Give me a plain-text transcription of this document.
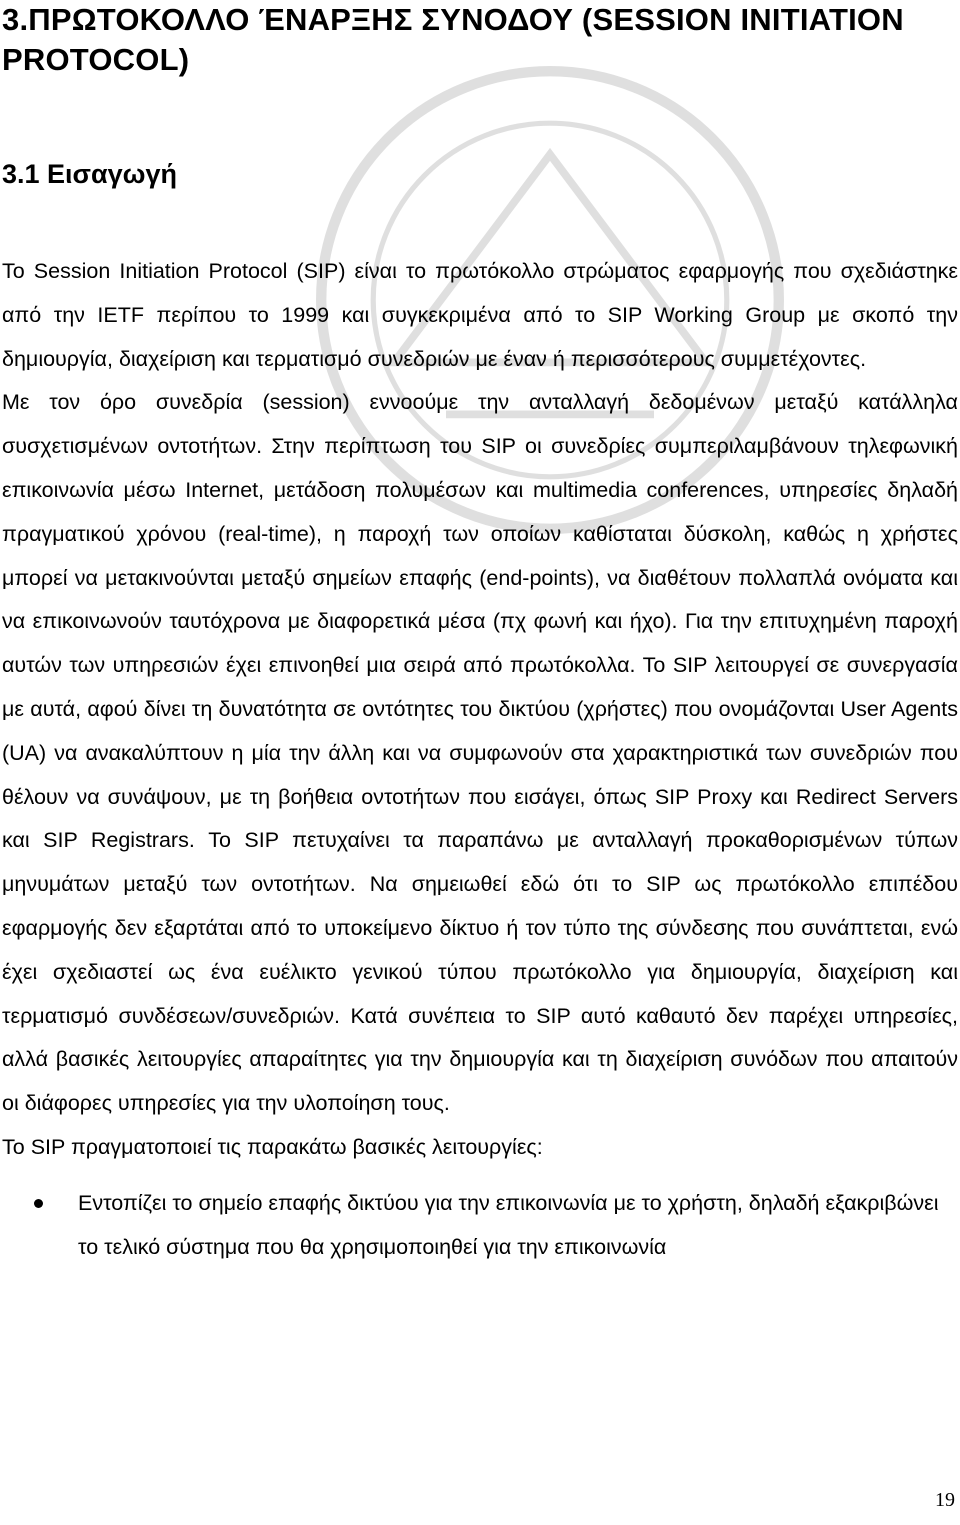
3.ΠΡΩΤΟΚΟΛΛΟ ΈΝΑΡΞΗΣ ΣΥΝΟΔΟΥ (SESSION INITIATION PROTOCOL)
3.1 Εισαγωγή

Το Session Initiation Protocol (SIP) είναι το πρωτόκολλο στρώματος εφαρμογής που σχεδιάστηκε από την IETF περίπου το 1999 και συγκεκριμένα από το SIP Working Group με σκοπό την δημιουργία, διαχείριση και τερματισμό συνεδριών με έναν ή περισσότερους συμμετέχοντες.

Με τον όρο συνεδρία (session) εννοούμε την ανταλλαγή δεδομένων μεταξύ κατάλληλα συσχετισμένων οντοτήτων. Στην περίπτωση του SIP οι συνεδρίες συμπεριλαμβάνουν τηλεφωνική επικοινωνία μέσω Internet, μετάδοση πολυμέσων και multimedia conferences, υπηρεσίες δηλαδή πραγματικού χρόνου (real-time), η παροχή των οποίων καθίσταται δύσκολη, καθώς η χρήστες μπορεί να μετακινούνται μεταξύ σημείων επαφής (end-points), να διαθέτουν πολλαπλά ονόματα και να επικοινωνούν ταυτόχρονα με διαφορετικά μέσα (πχ φωνή και ήχο). Για την επιτυχημένη παροχή αυτών των υπηρεσιών έχει επινοηθεί μια σειρά από πρωτόκολλα. Το SIP λειτουργεί σε συνεργασία με αυτά, αφού δίνει τη δυνατότητα σε οντότητες του δικτύου (χρήστες) που ονομάζονται User Agents (UA) να ανακαλύπτουν η μία την άλλη και να συμφωνούν στα χαρακτηριστικά των συνεδριών που θέλουν να συνάψουν, με τη βοήθεια οντοτήτων που εισάγει, όπως SIP Proxy και Redirect Servers και SIP Registrars. Το SIP πετυχαίνει τα παραπάνω με ανταλλαγή προκαθορισμένων τύπων μηνυμάτων μεταξύ των οντοτήτων. Να σημειωθεί εδώ ότι το SIP ως πρωτόκολλο επιπέδου εφαρμογής δεν εξαρτάται από το υποκείμενο δίκτυο ή τον τύπο της σύνδεσης που συνάπτεται, ενώ έχει σχεδιαστεί ως ένα ευέλικτο γενικού τύπου πρωτόκολλο για δημιουργία, διαχείριση και τερματισμό συνδέσεων/συνεδριών. Κατά συνέπεια το SIP αυτό καθαυτό δεν παρέχει υπηρεσίες, αλλά βασικές λειτουργίες απαραίτητες για την δημιουργία και τη διαχείριση συνόδων που απαιτούν οι διάφορες υπηρεσίες για την υλοποίηση τους.

Το SIP πραγματοποιεί τις παρακάτω βασικές λειτουργίες:

Εντοπίζει το σημείο επαφής δικτύου για την επικοινωνία με το χρήστη, δηλαδή εξακριβώνει το τελικό σύστημα που θα χρησιμοποιηθεί για την επικοινωνία
19
